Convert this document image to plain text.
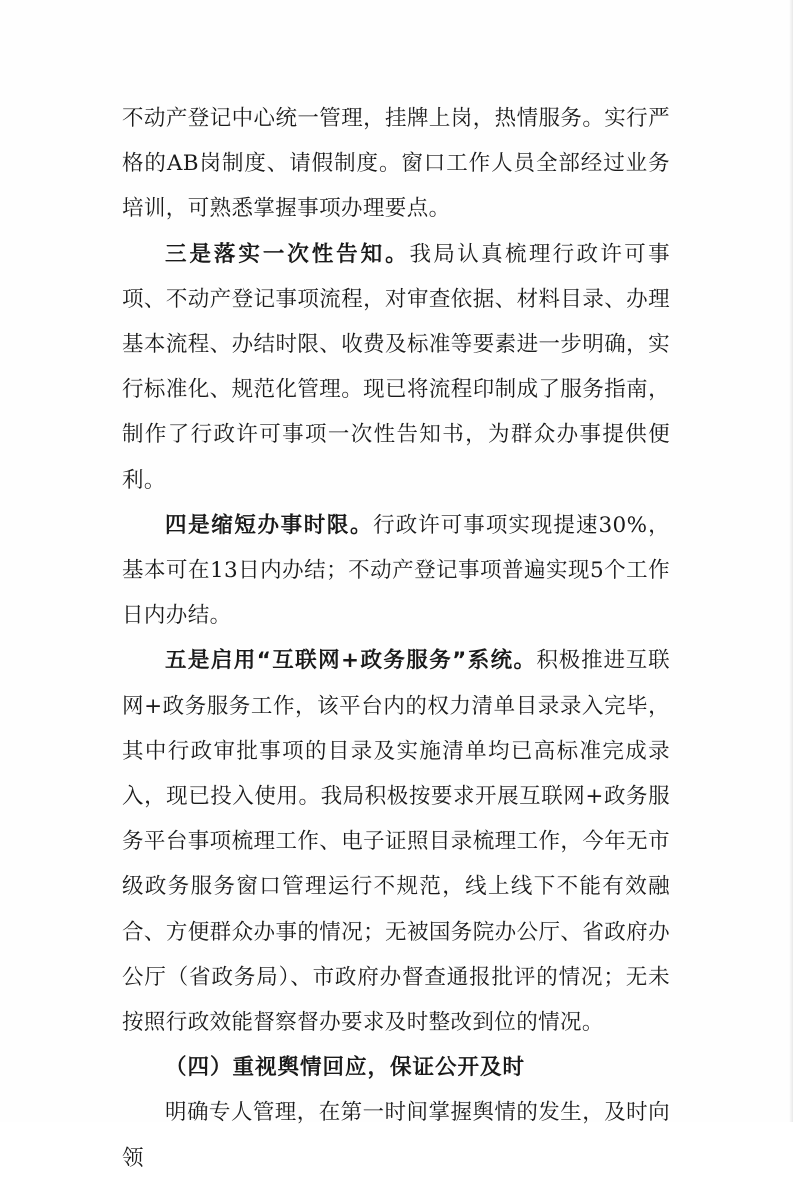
不动产登记中心统一管理，挂牌上岗，热情服务。实行严格的AB岗制度、请假制度。窗口工作人员全部经过业务培训，可熟悉掌握事项办理要点。

三是落实一次性告知。我局认真梳理行政许可事项、不动产登记事项流程，对审查依据、材料目录、办理基本流程、办结时限、收费及标准等要素进一步明确，实行标准化、规范化管理。现已将流程印制成了服务指南，制作了行政许可事项一次性告知书，为群众办事提供便利。

四是缩短办事时限。行政许可事项实现提速30%，基本可在13日内办结；不动产登记事项普遍实现5个工作日内办结。

五是启用“互联网+政务服务”系统。积极推进互联网+政务服务工作，该平台内的权力清单目录录入完毕，其中行政审批事项的目录及实施清单均已高标准完成录入，现已投入使用。我局积极按要求开展互联网+政务服务平台事项梳理工作、电子证照目录梳理工作，今年无市级政务服务窗口管理运行不规范，线上线下不能有效融合、方便群众办事的情况；无被国务院办公厅、省政府办公厅（省政务局）、市政府办督查通报批评的情况；无未按照行政效能督察督办要求及时整改到位的情况。

（四）重视舆情回应，保证公开及时

明确专人管理，在第一时间掌握舆情的发生，及时向领
